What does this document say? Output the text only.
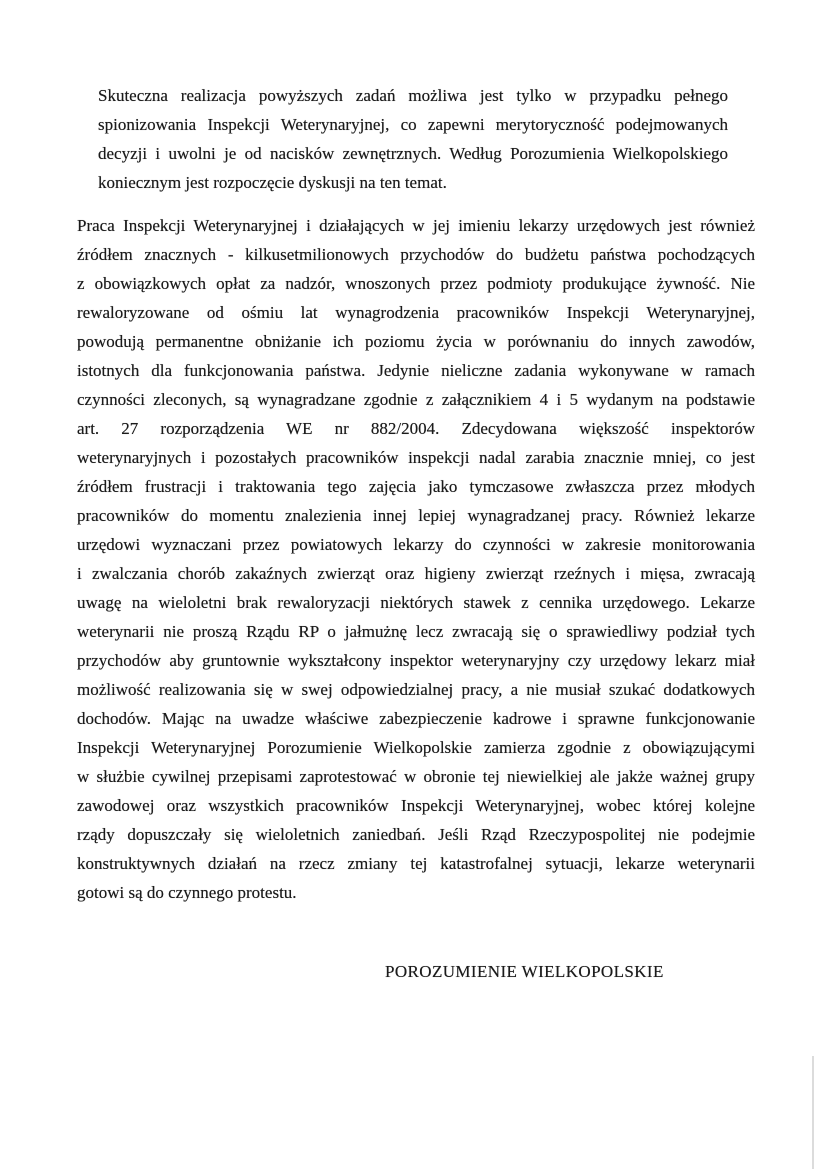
Skuteczna realizacja powyższych zadań możliwa jest tylko w przypadku pełnego
spionizowania Inspekcji Weterynaryjnej, co zapewni merytoryczność podejmowanych
decyzji i uwolni je od nacisków zewnętrznych. Według Porozumienia Wielkopolskiego
koniecznym jest rozpoczęcie dyskusji na ten temat.
Praca Inspekcji Weterynaryjnej i działających w jej imieniu lekarzy urzędowych jest również
źródłem znacznych - kilkusetmilionowych przychodów do budżetu państwa pochodzących
z obowiązkowych opłat za nadzór, wnoszonych przez podmioty produkujące żywność. Nie
rewaloryzowane od ośmiu lat wynagrodzenia pracowników Inspekcji Weterynaryjnej,
powodują permanentne obniżanie ich poziomu życia w porównaniu do innych zawodów,
istotnych dla funkcjonowania państwa. Jedynie nieliczne zadania wykonywane w ramach
czynności zleconych, są wynagradzane zgodnie z załącznikiem 4 i 5 wydanym na podstawie
art. 27 rozporządzenia WE nr 882/2004. Zdecydowana większość inspektorów
weterynaryjnych i pozostałych pracowników inspekcji nadal zarabia znacznie mniej, co jest
źródłem frustracji i traktowania tego zajęcia jako tymczasowe zwłaszcza przez młodych
pracowników do momentu znalezienia innej lepiej wynagradzanej pracy. Również lekarze
urzędowi wyznaczani przez powiatowych lekarzy do czynności w zakresie monitorowania
i zwalczania chorób zakaźnych zwierząt oraz higieny zwierząt rzeźnych i mięsa, zwracają
uwagę na wieloletni brak rewaloryzacji niektórych stawek z cennika urzędowego. Lekarze
weterynarii nie proszą Rządu RP o jałmużnę lecz zwracają się o sprawiedliwy podział tych
przychodów aby gruntownie wykształcony inspektor weterynaryjny czy urzędowy lekarz miał
możliwość realizowania się w swej odpowiedzialnej pracy, a nie musiał szukać dodatkowych
dochodów. Mając na uwadze właściwe zabezpieczenie kadrowe i sprawne funkcjonowanie
Inspekcji Weterynaryjnej Porozumienie Wielkopolskie zamierza zgodnie z obowiązującymi
w służbie cywilnej przepisami zaprotestować w obronie tej niewielkiej ale jakże ważnej grupy
zawodowej oraz wszystkich pracowników Inspekcji Weterynaryjnej, wobec której kolejne
rządy dopuszczały się wieloletnich zaniedbań. Jeśli Rząd Rzeczypospolitej nie podejmie
konstruktywnych działań na rzecz zmiany tej katastrofalnej sytuacji, lekarze weterynarii
gotowi są do czynnego protestu.
POROZUMIENIE WIELKOPOLSKIE
